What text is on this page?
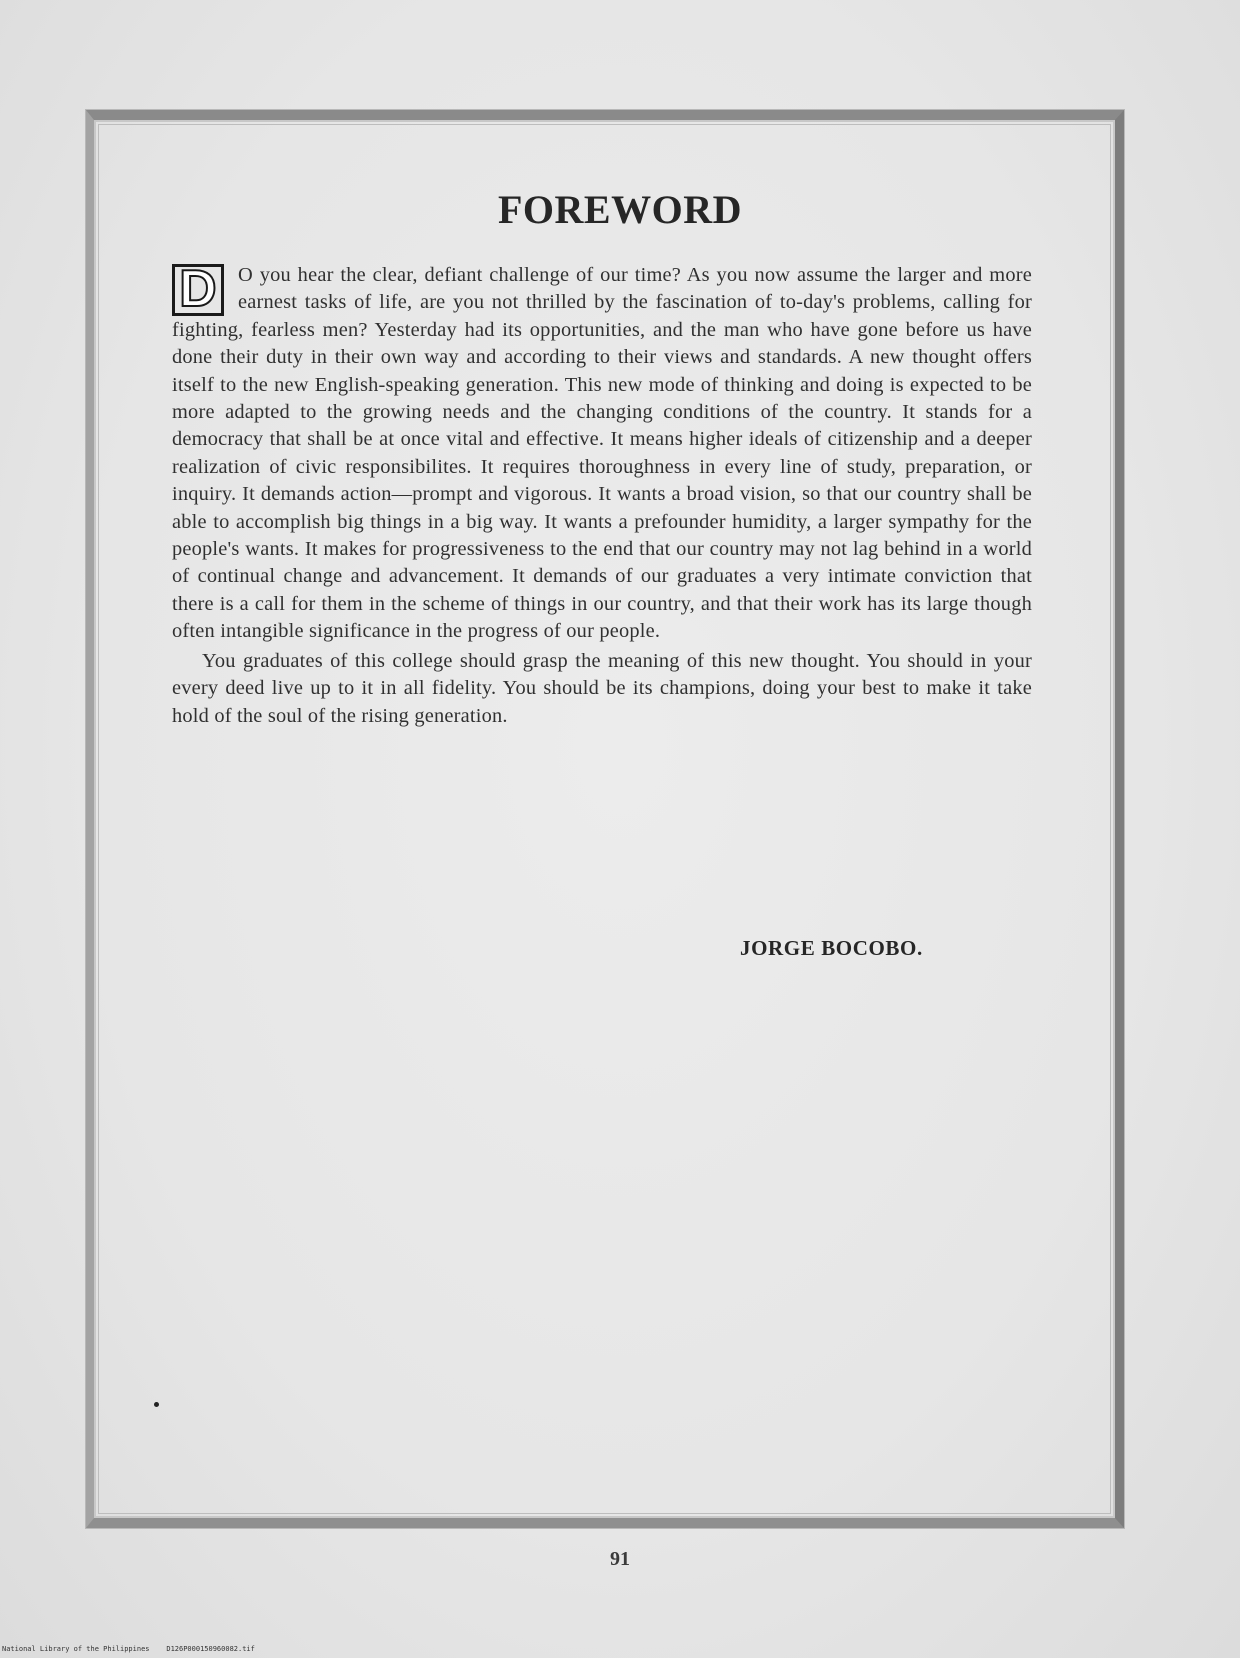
FOREWORD

D O you hear the clear, defiant challenge of our time? As you now assume the larger and more earnest tasks of life, are you not thrilled by the fascination of to-day's problems, calling for fighting, fearless men? Yesterday had its opportunities, and the man who have gone before us have done their duty in their own way and according to their views and standards. A new thought offers itself to the new English-speaking generation. This new mode of thinking and doing is expected to be more adapted to the growing needs and the changing conditions of the country. It stands for a democracy that shall be at once vital and effective. It means higher ideals of citizenship and a deeper realization of civic responsibilites. It requires thoroughness in every line of study, preparation, or inquiry. It demands action—prompt and vigorous. It wants a broad vision, so that our country shall be able to accomplish big things in a big way. It wants a prefounder humidity, a larger sympathy for the people's wants. It makes for progressiveness to the end that our country may not lag behind in a world of continual change and advancement. It demands of our graduates a very intimate conviction that there is a call for them in the scheme of things in our country, and that their work has its large though often intangible significance in the progress of our people.

You graduates of this college should grasp the meaning of this new thought. You should in your every deed live up to it in all fidelity. You should be its champions, doing your best to make it take hold of the soul of the rising generation.

JORGE BOCOBO.
91
National Library of the Philippines    D126P000150960082.tif
